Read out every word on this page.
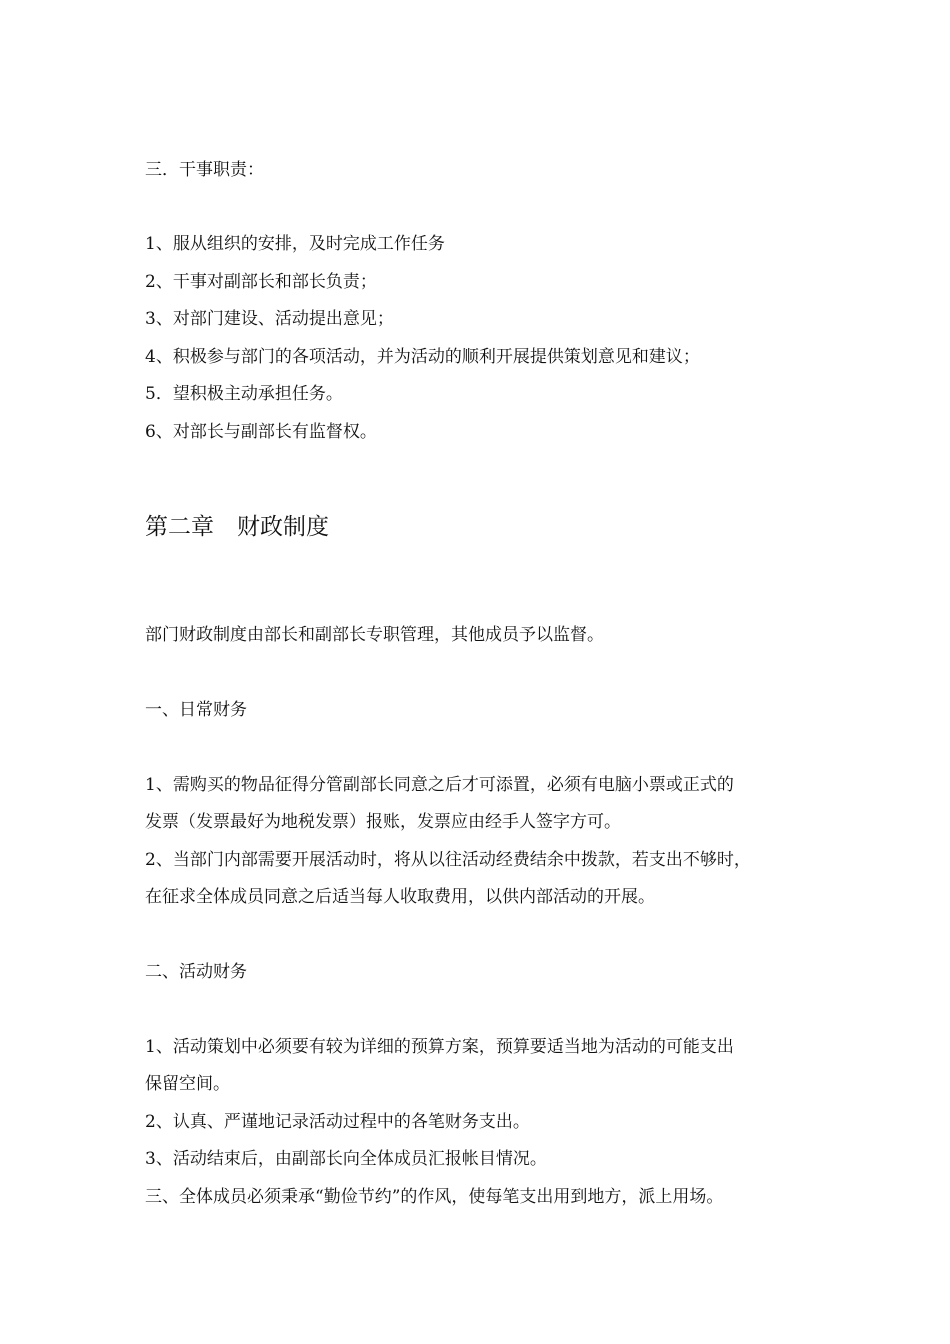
三．干事职责：

1、服从组织的安排，及时完成工作任务

2、干事对副部长和部长负责；

3、对部门建设、活动提出意见；

4、积极参与部门的各项活动，并为活动的顺利开展提供策划意见和建议；

5．望积极主动承担任务。

6、对部长与副部长有监督权。

第二章　财政制度

部门财政制度由部长和副部长专职管理，其他成员予以监督。

一、日常财务

1、需购买的物品征得分管副部长同意之后才可添置，必须有电脑小票或正式的

发票（发票最好为地税发票）报账，发票应由经手人签字方可。

2、当部门内部需要开展活动时，将从以往活动经费结余中拨款，若支出不够时，

在征求全体成员同意之后适当每人收取费用，以供内部活动的开展。

二、活动财务

1、活动策划中必须要有较为详细的预算方案，预算要适当地为活动的可能支出

保留空间。

2、认真、严谨地记录活动过程中的各笔财务支出。

3、活动结束后，由副部长向全体成员汇报帐目情况。

三、全体成员必须秉承“勤俭节约”的作风，使每笔支出用到地方，派上用场。
